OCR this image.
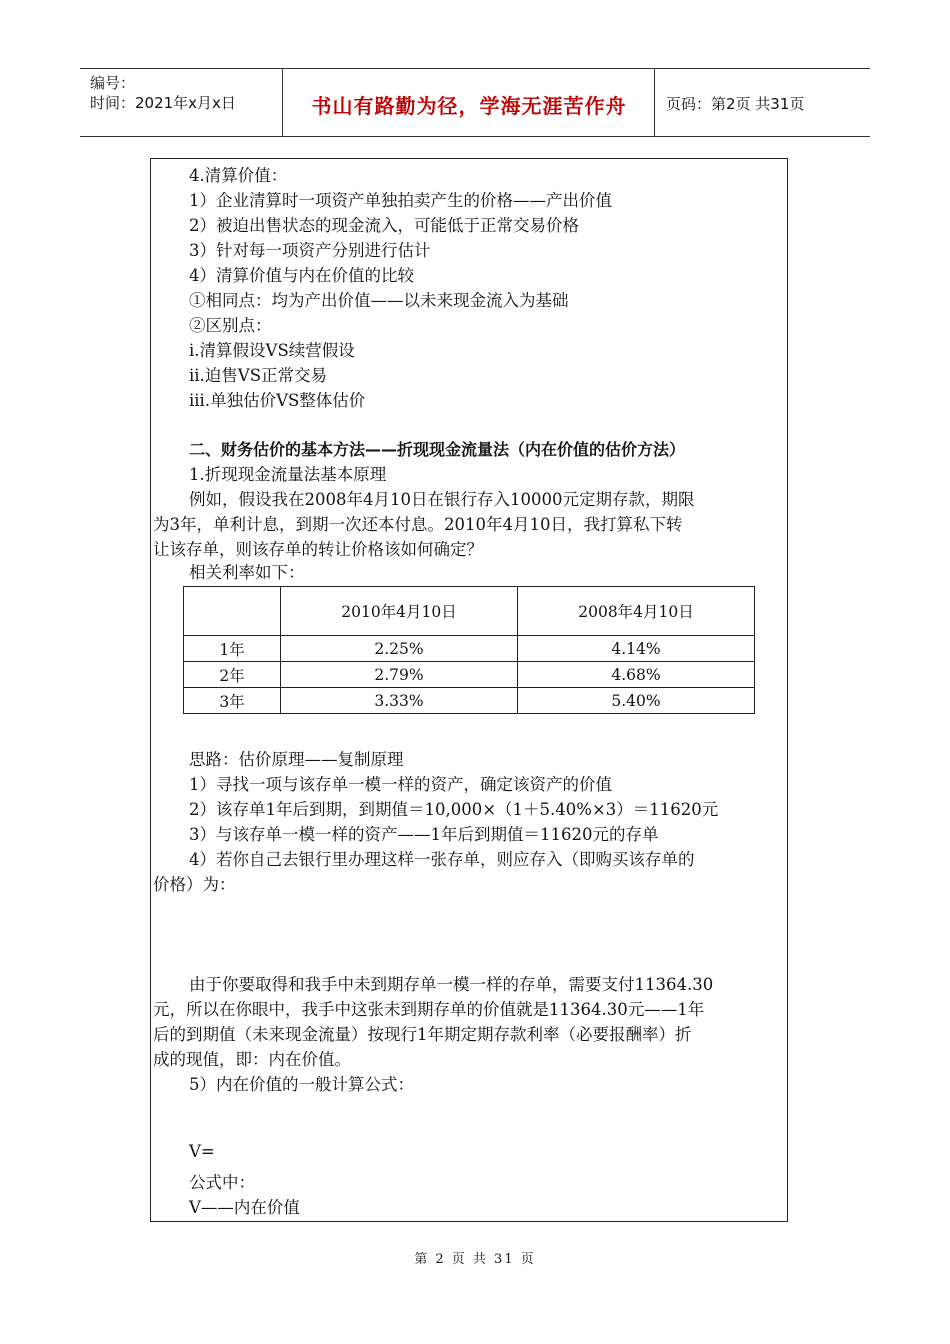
编号：
时间：2021年x月x日	书山有路勤为径，学海无涯苦作舟	页码：第2页 共31页
4.清算价值：
1）企业清算时一项资产单独拍卖产生的价格——产出价值
2）被迫出售状态的现金流入，可能低于正常交易价格
3）针对每一项资产分别进行估计
4）清算价值与内在价值的比较
①相同点：均为产出价值——以未来现金流入为基础
②区别点：
i.清算假设VS续营假设
ii.迫售VS正常交易
iii.单独估价VS整体估价
二、财务估价的基本方法——折现现金流量法（内在价值的估价方法）
1.折现现金流量法基本原理
例如，假设我在2008年4月10日在银行存入10000元定期存款，期限
为3年，单利计息，到期一次还本付息。2010年4月10日，我打算私下转
让该存单，则该存单的转让价格该如何确定？
相关利率如下：
	2010年4月10日	2008年4月10日
1年	2.25%	4.14%
2年	2.79%	4.68%
3年	3.33%	5.40%
思路：估价原理——复制原理
1）寻找一项与该存单一模一样的资产，确定该资产的价值
2）该存单1年后到期，到期值＝10,000×（1＋5.40%×3）＝11620元
3）与该存单一模一样的资产——1年后到期值＝11620元的存单
4）若你自己去银行里办理这样一张存单，则应存入（即购买该存单的
价格）为：
由于你要取得和我手中未到期存单一模一样的存单，需要支付11364.30
元，所以在你眼中，我手中这张未到期存单的价值就是11364.30元——1年
后的到期值（未来现金流量）按现行1年期定期存款利率（必要报酬率）折
成的现值，即：内在价值。
5）内在价值的一般计算公式：
V=
公式中：
V——内在价值
第 2 页 共 31 页
